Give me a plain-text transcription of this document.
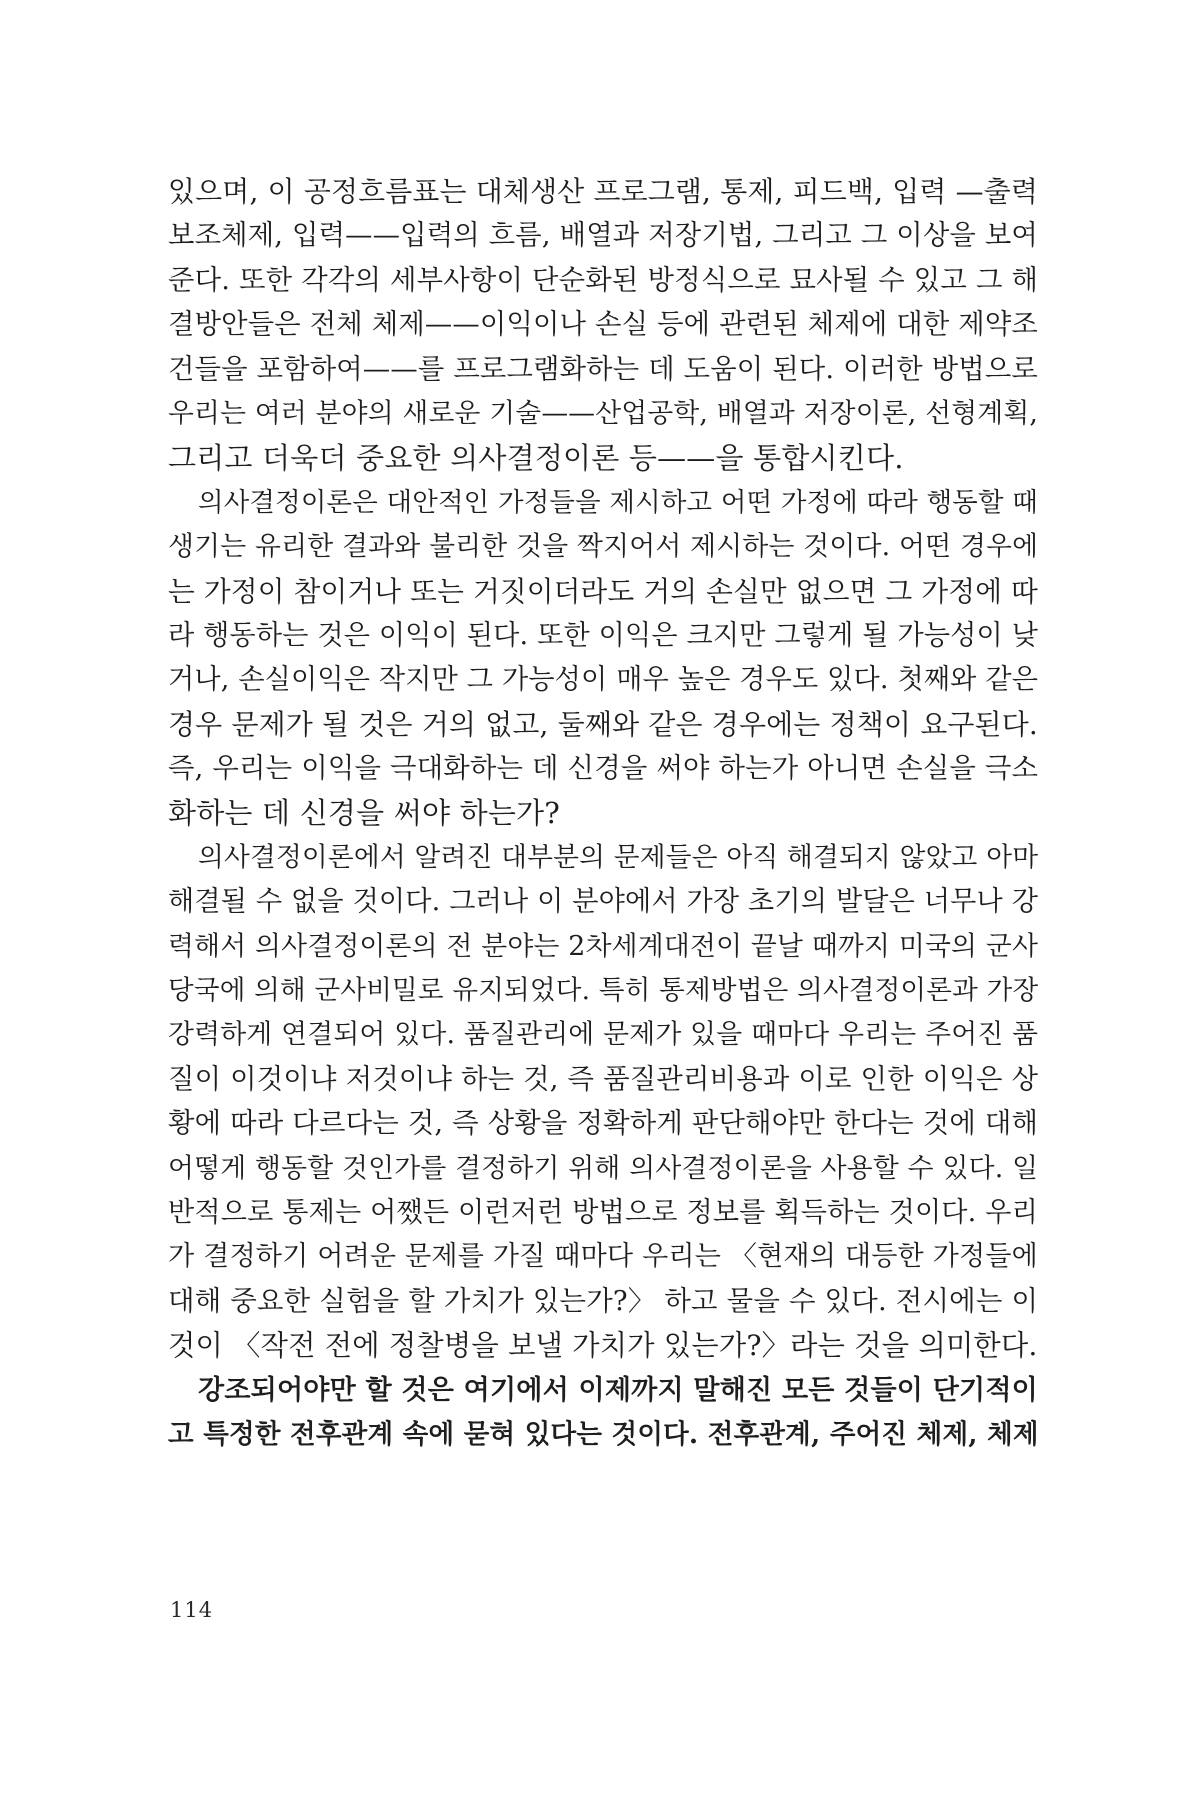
있으며, 이 공정흐름표는 대체생산 프로그램, 통제, 피드백, 입력 —출력
보조체제, 입력——입력의 흐름, 배열과 저장기법, 그리고 그 이상을 보여
준다. 또한 각각의 세부사항이 단순화된 방정식으로 묘사될 수 있고 그 해
결방안들은 전체 체제——이익이나 손실 등에 관련된 체제에 대한 제약조
건들을 포함하여——를 프로그램화하는 데 도움이 된다. 이러한 방법으로
우리는 여러 분야의 새로운 기술——산업공학, 배열과 저장이론, 선형계획,
그리고 더욱더 중요한 의사결정이론 등——을 통합시킨다.
의사결정이론은 대안적인 가정들을 제시하고 어떤 가정에 따라 행동할 때
생기는 유리한 결과와 불리한 것을 짝지어서 제시하는 것이다. 어떤 경우에
는 가정이 참이거나 또는 거짓이더라도 거의 손실만 없으면 그 가정에 따
라 행동하는 것은 이익이 된다. 또한 이익은 크지만 그렇게 될 가능성이 낮
거나, 손실이익은 작지만 그 가능성이 매우 높은 경우도 있다. 첫째와 같은
경우 문제가 될 것은 거의 없고, 둘째와 같은 경우에는 정책이 요구된다.
즉, 우리는 이익을 극대화하는 데 신경을 써야 하는가 아니면 손실을 극소
화하는 데 신경을 써야 하는가?
의사결정이론에서 알려진 대부분의 문제들은 아직 해결되지 않았고 아마
해결될 수 없을 것이다. 그러나 이 분야에서 가장 초기의 발달은 너무나 강
력해서 의사결정이론의 전 분야는 2차세계대전이 끝날 때까지 미국의 군사
당국에 의해 군사비밀로 유지되었다. 특히 통제방법은 의사결정이론과 가장
강력하게 연결되어 있다. 품질관리에 문제가 있을 때마다 우리는 주어진 품
질이 이것이냐 저것이냐 하는 것, 즉 품질관리비용과 이로 인한 이익은 상
황에 따라 다르다는 것, 즉 상황을 정확하게 판단해야만 한다는 것에 대해
어떻게 행동할 것인가를 결정하기 위해 의사결정이론을 사용할 수 있다. 일
반적으로 통제는 어쨌든 이런저런 방법으로 정보를 획득하는 것이다. 우리
가 결정하기 어려운 문제를 가질 때마다 우리는 〈현재의 대등한 가정들에
대해 중요한 실험을 할 가치가 있는가?〉 하고 물을 수 있다. 전시에는 이
것이 〈작전 전에 정찰병을 보낼 가치가 있는가?〉라는 것을 의미한다.
강조되어야만 할 것은 여기에서 이제까지 말해진 모든 것들이 단기적이
고 특정한 전후관계 속에 묻혀 있다는 것이다. 전후관계, 주어진 체제, 체제
114
